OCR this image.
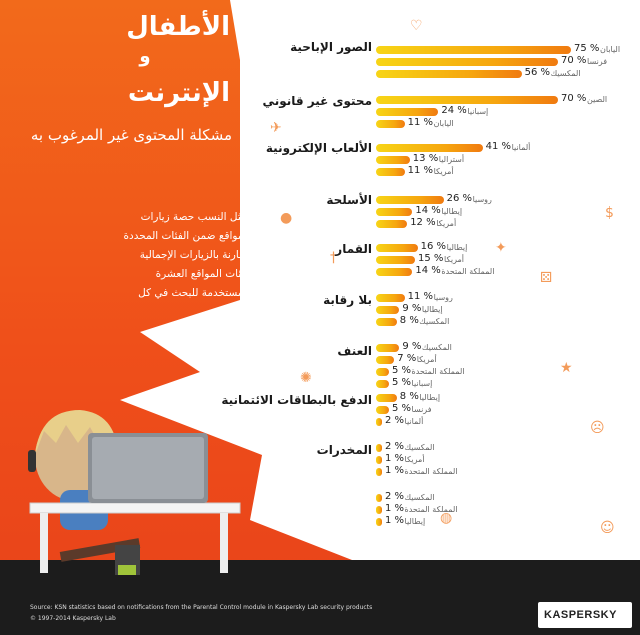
♡
$
✦
⚄
★
☹
☺
✈
●
†
✺
◍
الأطفال
و
الإنترنت
مشكلة المحتوى غير المرغوب به
تمثل النسب حصة زيارات المواقع ضمن الفئات المحددة مقارنة بالزيارات الإجمالية لفئات المواقع العشرة المستخدمة للبحث في كل دولة
الصور الإباحية
محتوى غير قانوني
الألعاب الإلكترونية
الأسلحة
القمار
بلا رقابة
العنف
الدفع بالبطاقات الائتمانية
المخدرات
75 % اليابان
70 % فرنسا
56 % المكسيك
70 % الصين
24 % إسبانيا
11 % اليابان
41 % ألمانيا
13 % أستراليا
11 % أمريكا
26 % روسيا
14 % إيطاليا
12 % أمريكا
16 % إيطاليا
15 % أمريكا
14 % المملكة المتحدة
11 % روسيا
9 % إيطاليا
8 % المكسيك
9 % المكسيك
7 % أمريكا
5 % المملكة المتحدة
5 % إسبانيا
8 % إيطاليا
5 % فرنسا
2 % ألمانيا
2 % المكسيك
1 % أمريكا
1 % المملكة المتحدة
2 % المكسيك
1 % المملكة المتحدة
1 % إيطاليا
Source: KSN statistics based on notifications from the Parental Control module in Kaspersky Lab security products
© 1997-2014 Kaspersky Lab	KASPERSKY
